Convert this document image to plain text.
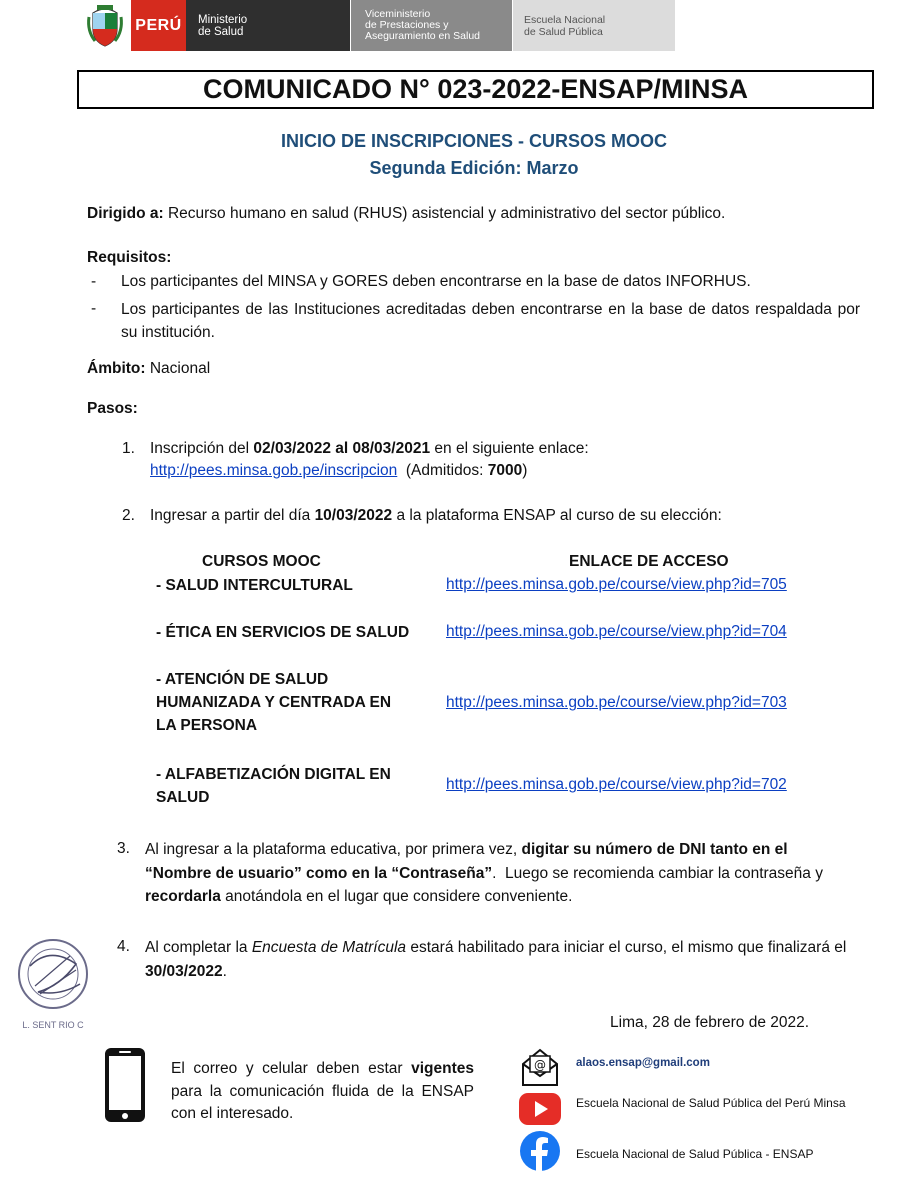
PERÚ Ministerio
de Salud
Viceministerio
de Prestaciones y
Aseguramiento en Salud
Escuela Nacional
de Salud Pública
COMUNICADO N° 023-2022-ENSAP/MINSA
INICIO DE INSCRIPCIONES - CURSOS MOOC
Segunda Edición: Marzo
Dirigido a: Recurso humano en salud (RHUS) asistencial y administrativo del sector público.
Requisitos:
- Los participantes del MINSA y GORES deben encontrarse en la base de datos INFORHUS.
- Los participantes de las Instituciones acreditadas deben encontrarse en la base de datos respaldada por su institución.
Ámbito: Nacional
Pasos:
1. Inscripción del 02/03/2022 al 08/03/2021 en el siguiente enlace:
http://pees.minsa.gob.pe/inscripcion  (Admitidos: 7000)
2. Ingresar a partir del día 10/03/2022 a la plataforma ENSAP al curso de su elección:
CURSOS MOOC	ENLACE DE ACCESO
- SALUD INTERCULTURAL	http://pees.minsa.gob.pe/course/view.php?id=705
- ÉTICA EN SERVICIOS DE SALUD	http://pees.minsa.gob.pe/course/view.php?id=704
- ATENCIÓN DE SALUD
HUMANIZADA Y CENTRADA EN
LA PERSONA
http://pees.minsa.gob.pe/course/view.php?id=703
- ALFABETIZACIÓN DIGITAL EN
SALUD
http://pees.minsa.gob.pe/course/view.php?id=702
3. Al ingresar a la plataforma educativa, por primera vez, digitar su número de DNI tanto en el “Nombre de usuario” como en la “Contraseña”.  Luego se recomienda cambiar la contraseña y recordarla anotándola en el lugar que considere conveniente.
4. Al completar la Encuesta de Matrícula estará habilitado para iniciar el curso, el mismo que finalizará el 30/03/2022.
L. SENT RIO C	Lima, 28 de febrero de 2022.
El correo y celular deben estar vigentes para la comunicación fluida de la ENSAP con el interesado.
@	alaos.ensap@gmail.com
Escuela Nacional de Salud Pública del Perú Minsa
Escuela Nacional de Salud Pública - ENSAP
